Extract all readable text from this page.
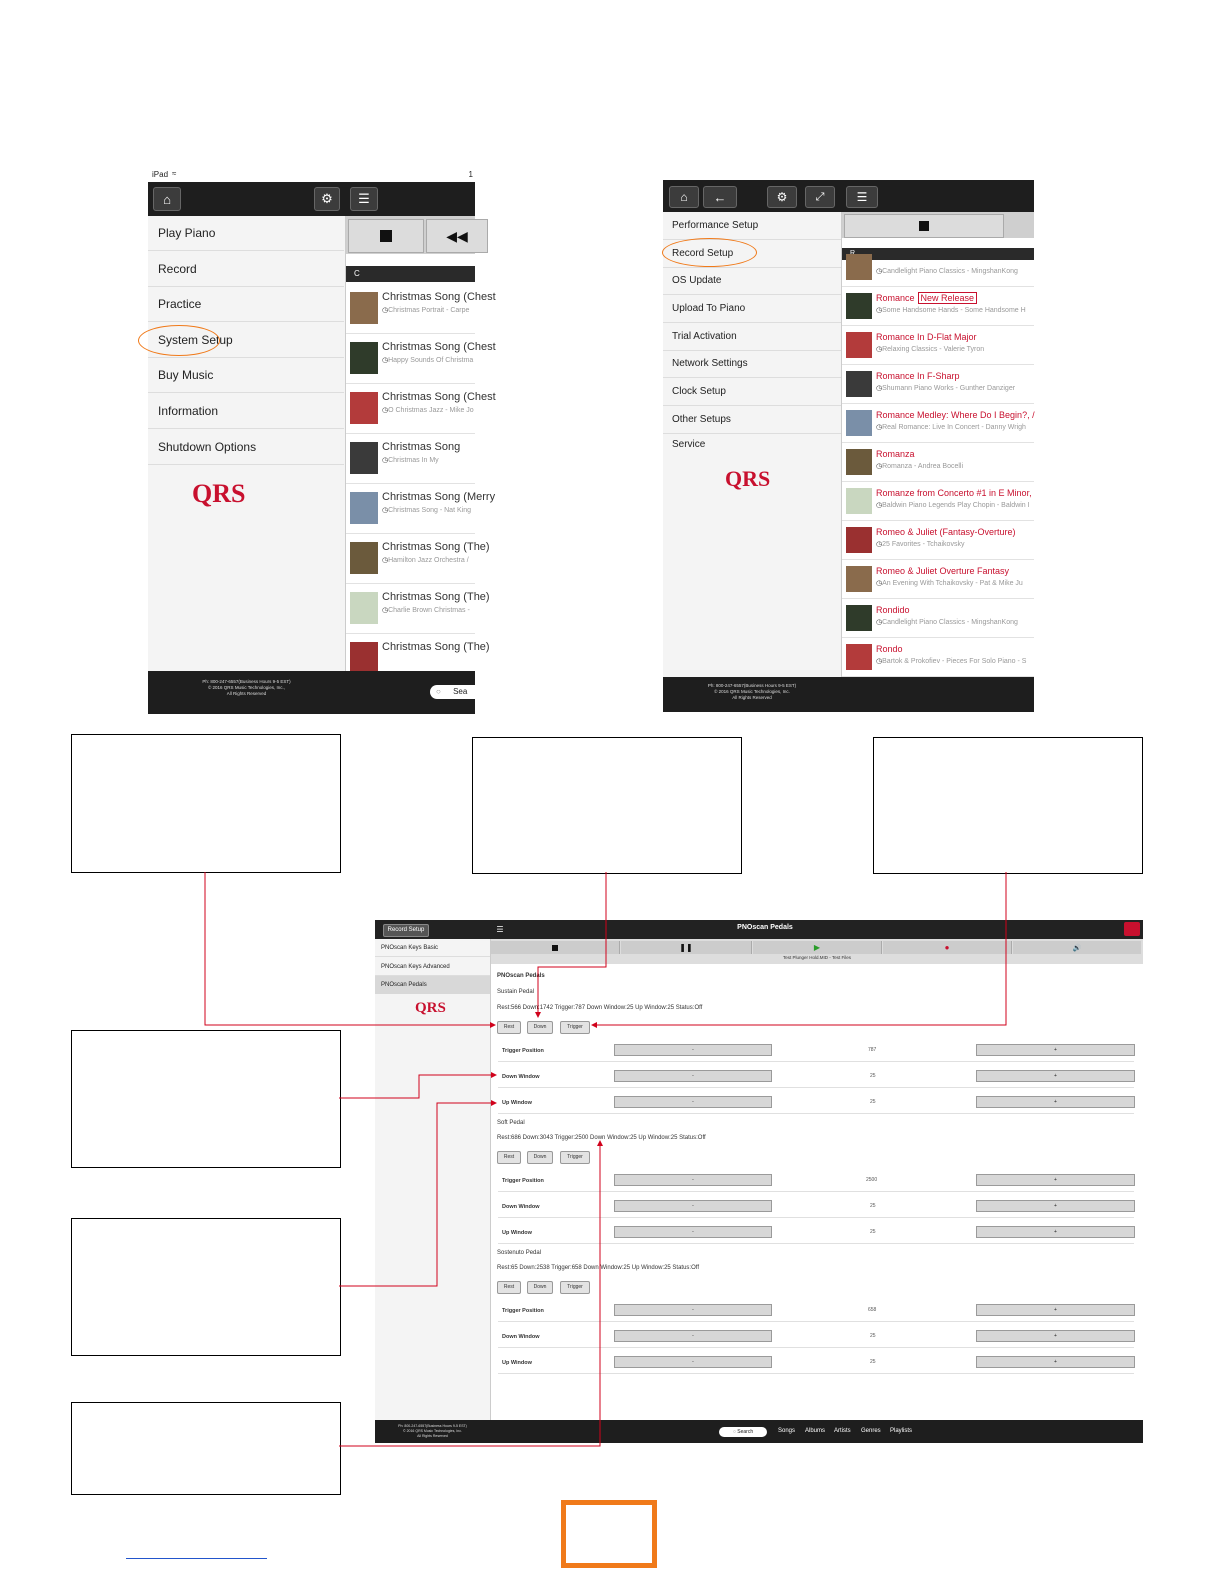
iPad ≈	1
⌂	⚙ ☰
Play Piano
Record
Practice
System Setup
Buy Music
Information
Shutdown Options
QRS
◀◀
C
Christmas Song (Chest
◷ Christmas Portrait - Carpe
Christmas Song (Chest
◷ Happy Sounds Of Christma
Christmas Song (Chest
◷ O Christmas Jazz - Mike Jo
Christmas Song
◷ Christmas In My
Christmas Song (Merry
◷ Christmas Song - Nat King
Christmas Song (The)
◷ Hamilton Jazz Orchestra /
Christmas Song (The)
◷ Charlie Brown Christmas -
Christmas Song (The)
Ph: 800-247-6557(Business Hours 9-5 EST)
© 2016 QRS Music Technologies, Inc.,
All Rights Reserved	○ Sea
⌂ ←	⚙	⤢	☰
Performance Setup
Record Setup
OS Update
Upload To Piano
Trial Activation
Network Settings
Clock Setup
Other Setups
Service
QRS
◷ Candlelight Piano Classics - MingshanKong
Romance New Release
◷ Some Handsome Hands - Some Handsome H
Romance In D-Flat Major
◷ Relaxing Classics - Valerie Tyron
Romance In F-Sharp
◷ Shumann Piano Works - Gunther Danziger
Romance Medley: Where Do I Begin?, /
◷ Real Romance: Live In Concert - Danny Wrigh
Romanza
◷ Romanza - Andrea Bocelli
Romanze from Concerto #1 in E Minor,
◷ Baldwin Piano Legends Play Chopin - Baldwin I
Romeo & Juliet (Fantasy-Overture)
◷ 25 Favorites - Tchaikovsky
Romeo & Juliet Overture Fantasy
◷ An Evening With Tchaikovsky - Pat & Mike Ju
Rondido
◷ Candlelight Piano Classics - MingshanKong
Rondo
◷ Bartok & Prokofiev - Pieces For Solo Piano - S
Ph: 800-247-6557(Business Hours 9-5 EST)
© 2016 QRS Music Technologies, Inc.
All Rights Reserved
Record Setup	☰	PNOscan Pedals
PNOscan Keys Basic
PNOscan Keys Advanced
PNOscan Pedals
QRS
❚❚	▶	●	🔊
Test Plunger Hold.MID - Test Files
Ph: 800-247-6557(Business Hours 9-5 EST)
© 2016 QRS Music Technologies, Inc.
All Rights Reserved
○ Search	Songs Albums Artists Genres Playlists
PNOscan Pedals
Sustain Pedal
Rest:566 Down:1742 Trigger:787 Down Window:25 Up Window:25 Status:Off
Rest	Down	Trigger
Trigger Position	-	787	+
Down Window	-	25	+
Up Window	-	25	+
Soft Pedal
Rest:686 Down:3043 Trigger:2500 Down Window:25 Up Window:25 Status:Off
Rest	Down	Trigger
Trigger Position	-	2500	+
Down Window	-	25	+
Up Window	-	25	+
Sostenuto Pedal
Rest:65 Down:2538 Trigger:658 Down Window:25 Up Window:25 Status:Off
Rest	Down	Trigger
Trigger Position	-	658	+
Down Window	-	25	+
Up Window	-	25	+
